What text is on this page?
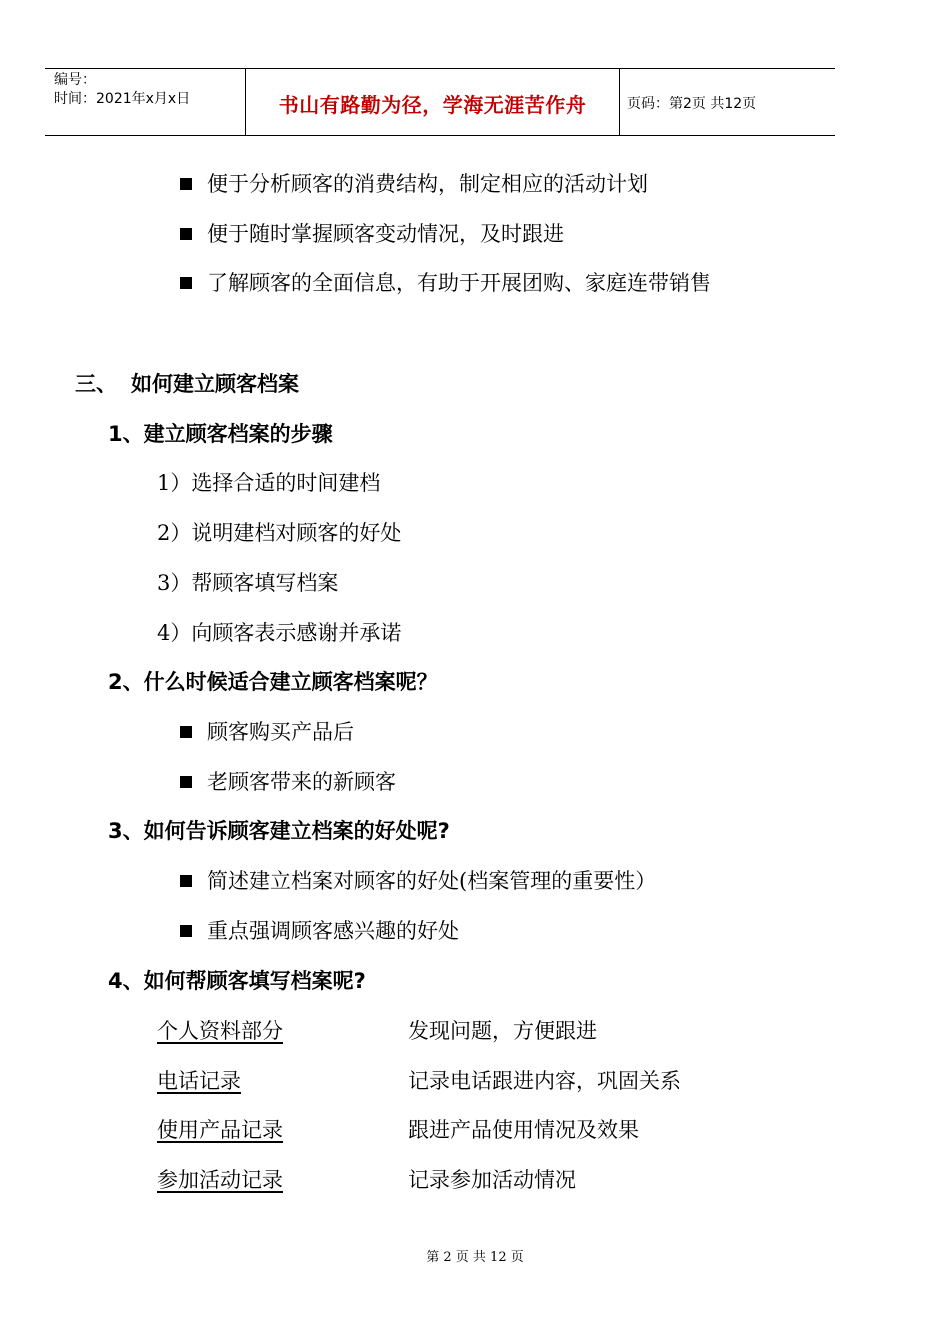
编号：
时间：2021年x月x日	书山有路勤为径，学海无涯苦作舟	页码：第2页 共12页
便于分析顾客的消费结构，制定相应的活动计划
便于随时掌握顾客变动情况，及时跟进
了解顾客的全面信息，有助于开展团购、家庭连带销售
三、 如何建立顾客档案
1、建立顾客档案的步骤
1）选择合适的时间建档
2）说明建档对顾客的好处
3）帮顾客填写档案
4）向顾客表示感谢并承诺
2、什么时候适合建立顾客档案呢？
顾客购买产品后
老顾客带来的新顾客
3、如何告诉顾客建立档案的好处呢?
简述建立档案对顾客的好处(档案管理的重要性）
重点强调顾客感兴趣的好处
4、如何帮顾客填写档案呢?
个人资料部分	发现问题，方便跟进
电话记录	记录电话跟进内容，巩固关系
使用产品记录	跟进产品使用情况及效果
参加活动记录	记录参加活动情况
第 2 页 共 12 页
